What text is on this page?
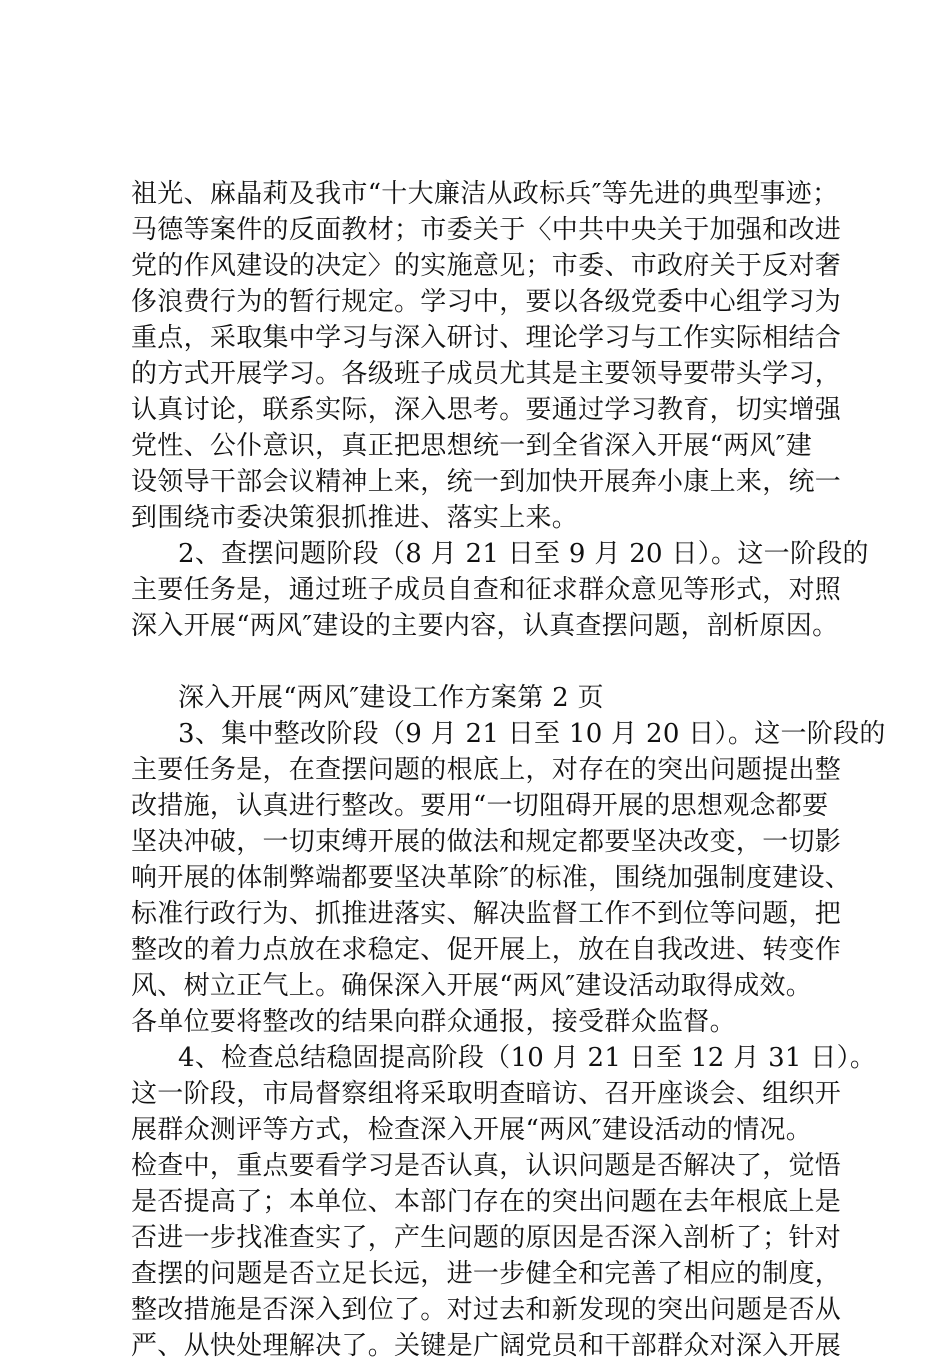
祖光、麻晶莉及我市“十大廉洁从政标兵″等先进的典型事迹；
马德等案件的反面教材；市委关于〈中共中央关于加强和改进
党的作风建设的决定〉的实施意见；市委、市政府关于反对奢
侈浪费行为的暂行规定。学习中，要以各级党委中心组学习为
重点，采取集中学习与深入研讨、理论学习与工作实际相结合
的方式开展学习。各级班子成员尤其是主要领导要带头学习，
认真讨论，联系实际，深入思考。要通过学习教育，切实增强
党性、公仆意识，真正把思想统一到全省深入开展“两风″建
设领导干部会议精神上来，统一到加快开展奔小康上来，统一
到围绕市委决策狠抓推进、落实上来。
2、查摆问题阶段（8 月 21 日至 9 月 20 日）。这一阶段的
主要任务是，通过班子成员自查和征求群众意见等形式，对照
深入开展“两风″建设的主要内容，认真查摆问题，剖析原因。
深入开展“两风″建设工作方案第 2 页
3、集中整改阶段（9 月 21 日至 10 月 20 日）。这一阶段的
主要任务是，在查摆问题的根底上，对存在的突出问题提出整
改措施，认真进行整改。要用“一切阻碍开展的思想观念都要
坚决冲破，一切束缚开展的做法和规定都要坚决改变，一切影
响开展的体制弊端都要坚决革除″的标准，围绕加强制度建设、
标准行政行为、抓推进落实、解决监督工作不到位等问题，把
整改的着力点放在求稳定、促开展上，放在自我改进、转变作
风、树立正气上。确保深入开展“两风″建设活动取得成效。
各单位要将整改的结果向群众通报，接受群众监督。
4、检查总结稳固提高阶段（10 月 21 日至 12 月 31 日）。
这一阶段，市局督察组将采取明查暗访、召开座谈会、组织开
展群众测评等方式，检查深入开展“两风″建设活动的情况。
检查中，重点要看学习是否认真，认识问题是否解决了，觉悟
是否提高了；本单位、本部门存在的突出问题在去年根底上是
否进一步找准查实了，产生问题的原因是否深入剖析了；针对
查摆的问题是否立足长远，进一步健全和完善了相应的制度，
整改措施是否深入到位了。对过去和新发现的突出问题是否从
严、从快处理解决了。关键是广阔党员和干部群众对深入开展
